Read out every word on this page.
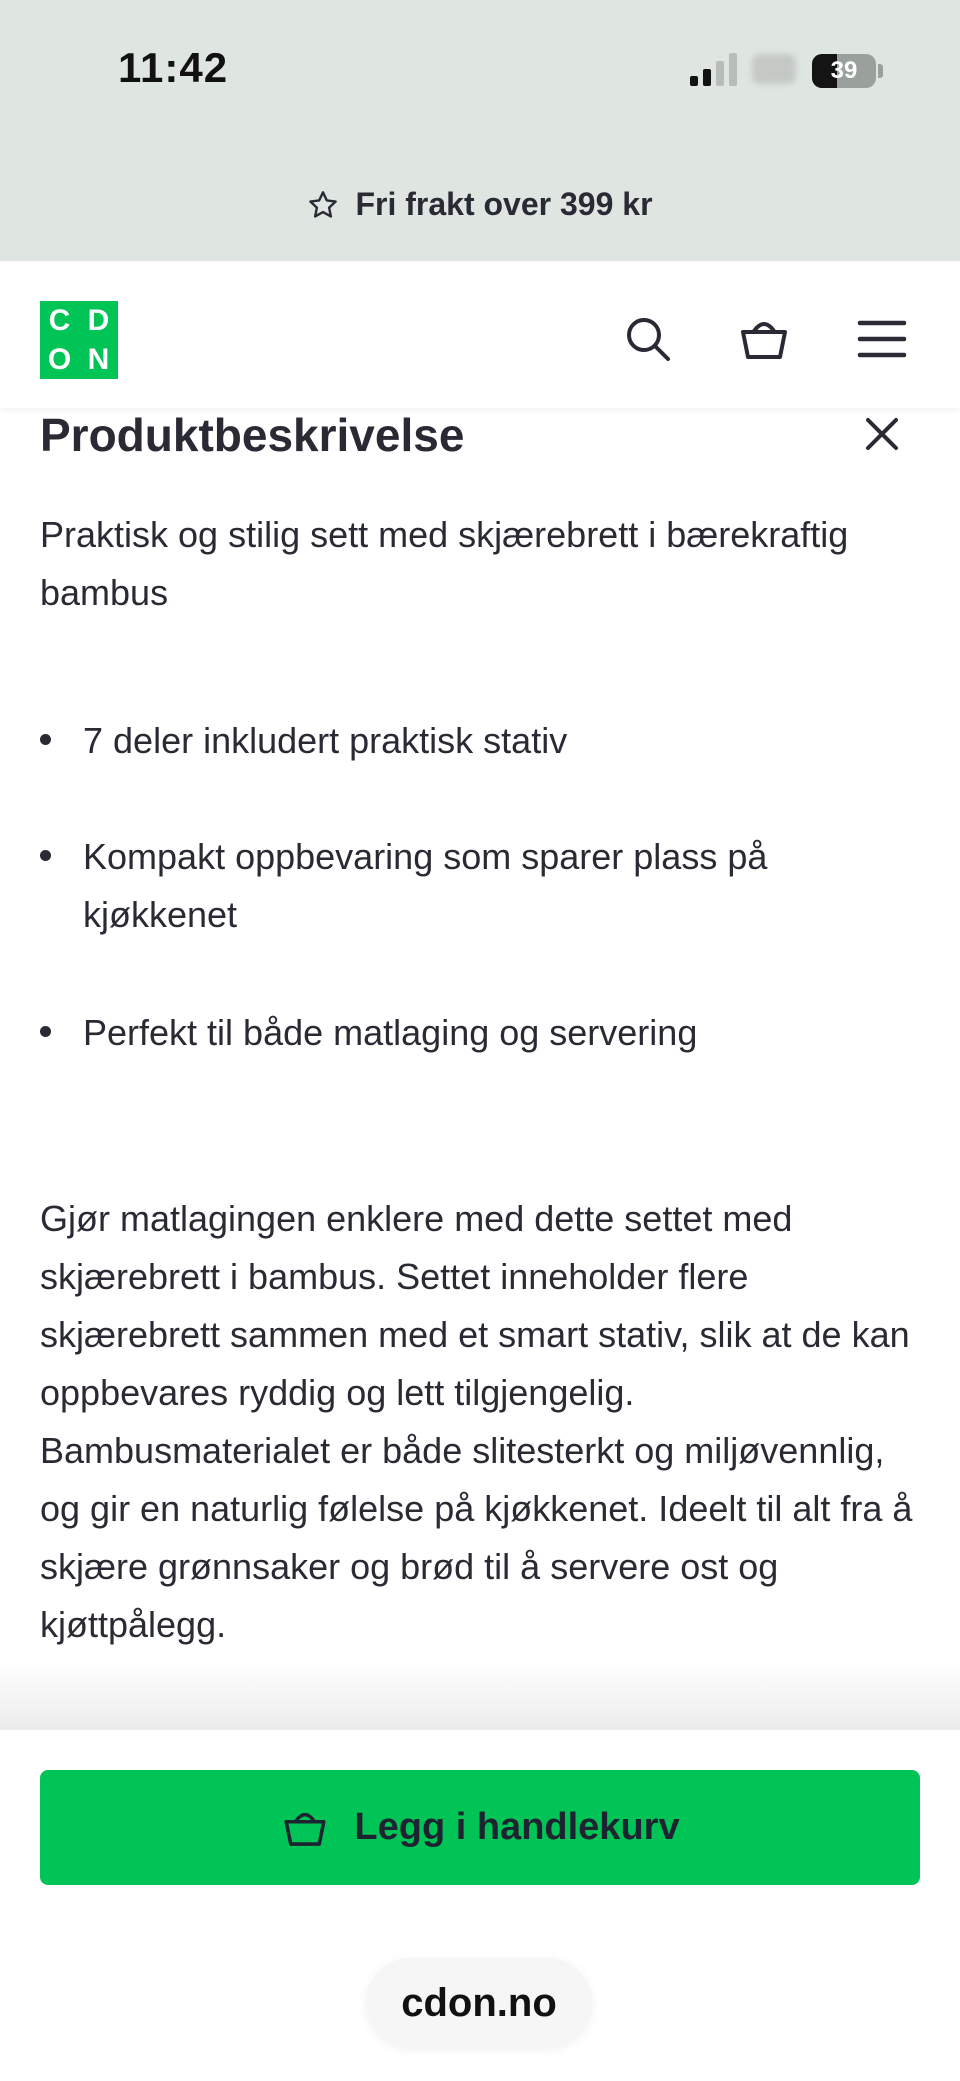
11:42	39
Fri frakt over 399 kr
C D
O N
Produktbeskrivelse

Praktisk og stilig sett med skjærebrett i bærekraftig bambus

7 deler inkludert praktisk stativ
Kompakt oppbevaring som sparer plass på kjøkkenet
Perfekt til både matlaging og servering

Gjør matlagingen enklere med dette settet med skjærebrett i bambus. Settet inneholder flere skjærebrett sammen med et smart stativ, slik at de kan oppbevares ryddig og lett tilgjengelig. Bambusmaterialet er både slitesterkt og miljøvennlig, og gir en naturlig følelse på kjøkkenet. Ideelt til alt fra å skjære grønnsaker og brød til å servere ost og kjøttpålegg.

Legg i handlekurv
cdon.no
